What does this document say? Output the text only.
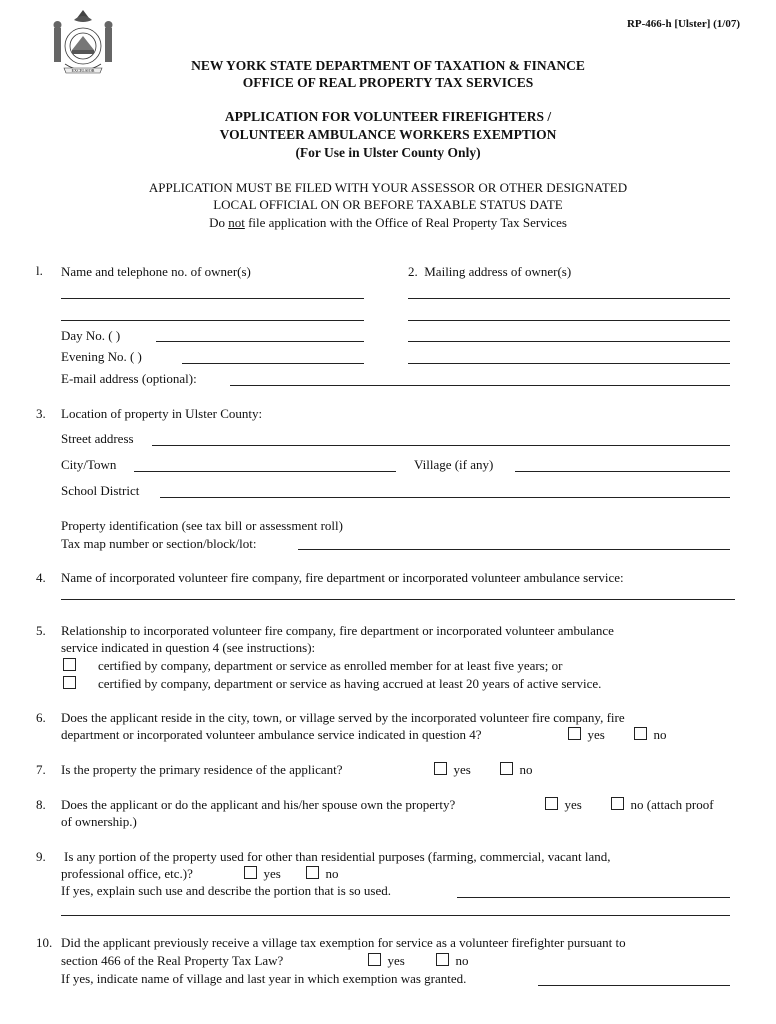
EXCELSIOR
RP-466-h [Ulster] (1/07)
NEW YORK STATE DEPARTMENT OF TAXATION & FINANCE
OFFICE OF REAL PROPERTY TAX SERVICES
APPLICATION FOR VOLUNTEER FIREFIGHTERS /
VOLUNTEER AMBULANCE WORKERS EXEMPTION
(For Use in Ulster County Only)
APPLICATION MUST BE FILED WITH YOUR ASSESSOR OR OTHER DESIGNATED
LOCAL OFFICIAL ON OR BEFORE TAXABLE STATUS DATE
Do not file application with the Office of Real Property Tax Services
l. Name and telephone no. of owner(s)	2. Mailing address of owner(s)
Day No. ( )
Evening No. ( )
E-mail address (optional):
3. Location of property in Ulster County:
Street address
City/Town	Village (if any)
School District
Property identification (see tax bill or assessment roll)
Tax map number or section/block/lot:
4. Name of incorporated volunteer fire company, fire department or incorporated volunteer ambulance service:
5. Relationship to incorporated volunteer fire company, fire department or incorporated volunteer ambulance
service indicated in question 4 (see instructions):
certified by company, department or service as enrolled member for at least five years; or
certified by company, department or service as having accrued at least 20 years of active service.
6. Does the applicant reside in the city, town, or village served by the incorporated volunteer fire company, fire
department or incorporated volunteer ambulance service indicated in question 4?	yes	no
7. Is the property the primary residence of the applicant?	yes	no
8. Does the applicant or do the applicant and his/her spouse own the property?	yes	no (attach proof
of ownership.)
9. Is any portion of the property used for other than residential purposes (farming, commercial, vacant land,
professional office, etc.)?	yes	no
If yes, explain such use and describe the portion that is so used.
10. Did the applicant previously receive a village tax exemption for service as a volunteer firefighter pursuant to
section 466 of the Real Property Tax Law?	yes	no
If yes, indicate name of village and last year in which exemption was granted.
